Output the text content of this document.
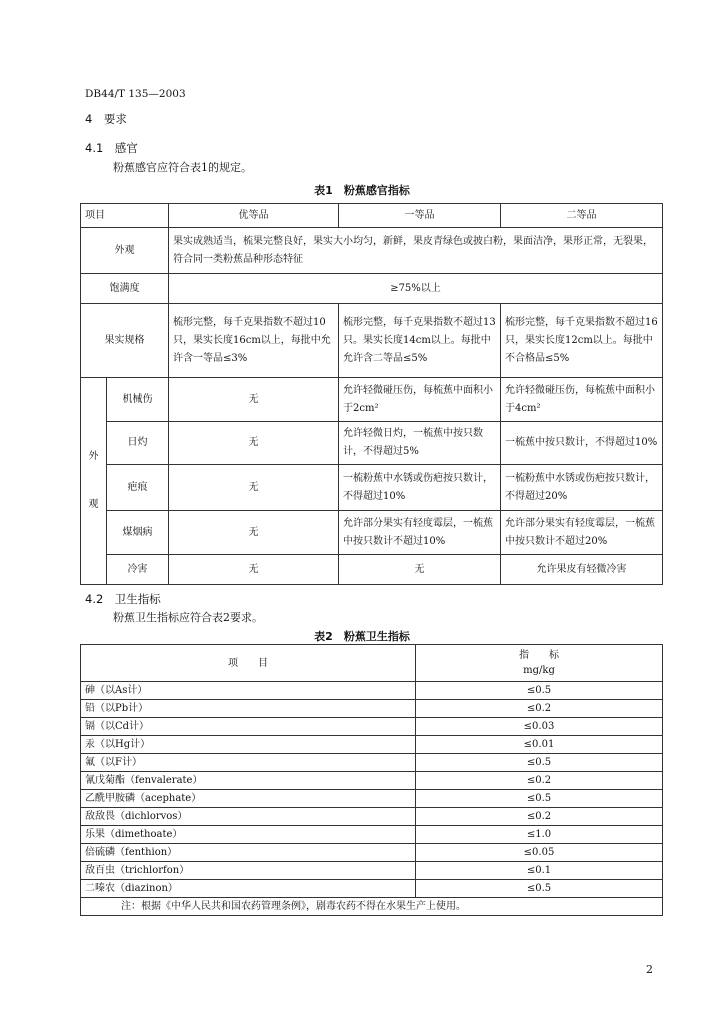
DB44/T 135—2003
4　要求
4.1　感官
粉蕉感官应符合表1的规定。
表1　粉蕉感官指标
项目		优等品	一等品	二等品
外观		果实成熟适当，梳果完整良好，果实大小均匀，新鲜，果皮青绿色或披白粉，果面洁净，果形正常，无裂果，符合同一类粉蕉品种形态特征		
饱满度		≥75%以上		
果实规格		梳形完整，每千克果指数不超过10只，果实长度16cm以上，每批中允许含一等品≤3%	梳形完整，每千克果指数不超过13只。果实长度14cm以上。每批中允许含二等品≤5%	梳形完整，每千克果指数不超过16只，果实长度12cm以上。每批中不合格品≤5%

外

观	机械伤	无	允许轻微碰压伤，每梳蕉中面积小于2cm²	允许轻微碰压伤，每梳蕉中面积小于4cm²
	日灼	无	允许轻微日灼，一梳蕉中按只数计，不得超过5%	一梳蕉中按只数计，不得超过10%
	疤痕	无	一梳粉蕉中水锈或伤疤按只数计，不得超过10%	一梳粉蕉中水锈或伤疤按只数计，不得超过20%
	煤烟病	无	允许部分果实有轻度霉层，一梳蕉中按只数计不超过10%	允许部分果实有轻度霉层，一梳蕉中按只数计不超过20%
	冷害	无	无	允许果皮有轻微冷害
4.2　卫生指标
粉蕉卫生指标应符合表2要求。
表2　粉蕉卫生指标
项　　目	指　　标
mg/kg

砷（以As计）	≤0.5
铅（以Pb计）	≤0.2
镉（以Cd计）	≤0.03
汞（以Hg计）	≤0.01
氟（以F计）	≤0.5
氰戊菊酯（fenvalerate）	≤0.2
乙酰甲胺磷（acephate）	≤0.5
敌敌畏（dichlorvos）	≤0.2
乐果（dimethoate）	≤1.0
倍硫磷（fenthion）	≤0.05
敌百虫（trichlorfon）	≤0.1
二嗪农（diazinon）	≤0.5
注：根据《中华人民共和国农药管理条例》，剧毒农药不得在水果生产上使用。	
2
